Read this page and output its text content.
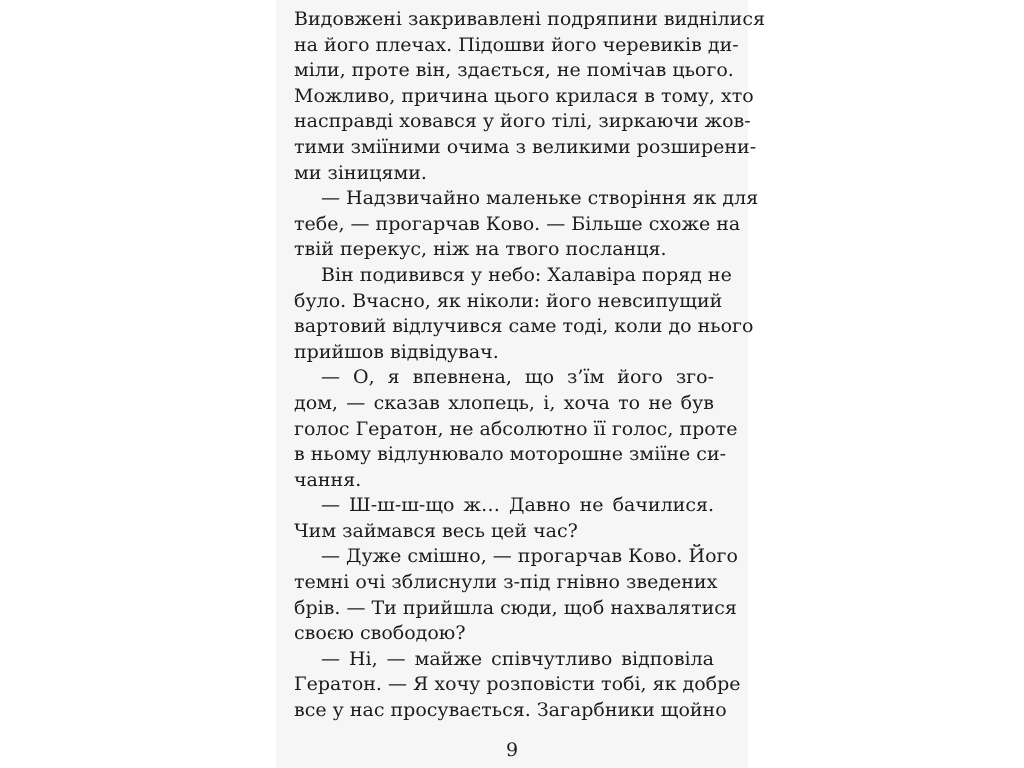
Видовжені закривавлені подряпини виднілися
на його плечах. Підошви його черевиків ди-
міли, проте він, здається, не помічав цього.
Можливо, причина цього крилася в тому, хто
насправді ховався у його тілі, зиркаючи жов-
тими зміїними очима з великими розширени-
ми зіницями.
— Надзвичайно маленьке створіння як для
тебе, — прогарчав Ково. — Більше схоже на
твій перекус, ніж на твого посланця.
Він подивився у небо: Халавіра поряд не
було. Вчасно, як ніколи: його невсипущий
вартовий відлучився саме тоді, коли до нього
прийшов відвідувач.
— О, я впевнена, що з’їм його зго-
дом, — сказав хлопець, і, хоча то не був
голос Гератон, не абсолютно її голос, проте
в ньому відлунювало моторошне зміїне си-
чання.
— Ш-ш-ш-що ж… Давно не бачилися.
Чим займався весь цей час?
— Дуже смішно, — прогарчав Ково. Його
темні очі зблиснули з-під гнівно зведених
брів. — Ти прийшла сюди, щоб нахвалятися
своєю свободою?
— Ні, — майже співчутливо відповіла
Гератон. — Я хочу розповісти тобі, як добре
все у нас просувається. Загарбники щойно
9
